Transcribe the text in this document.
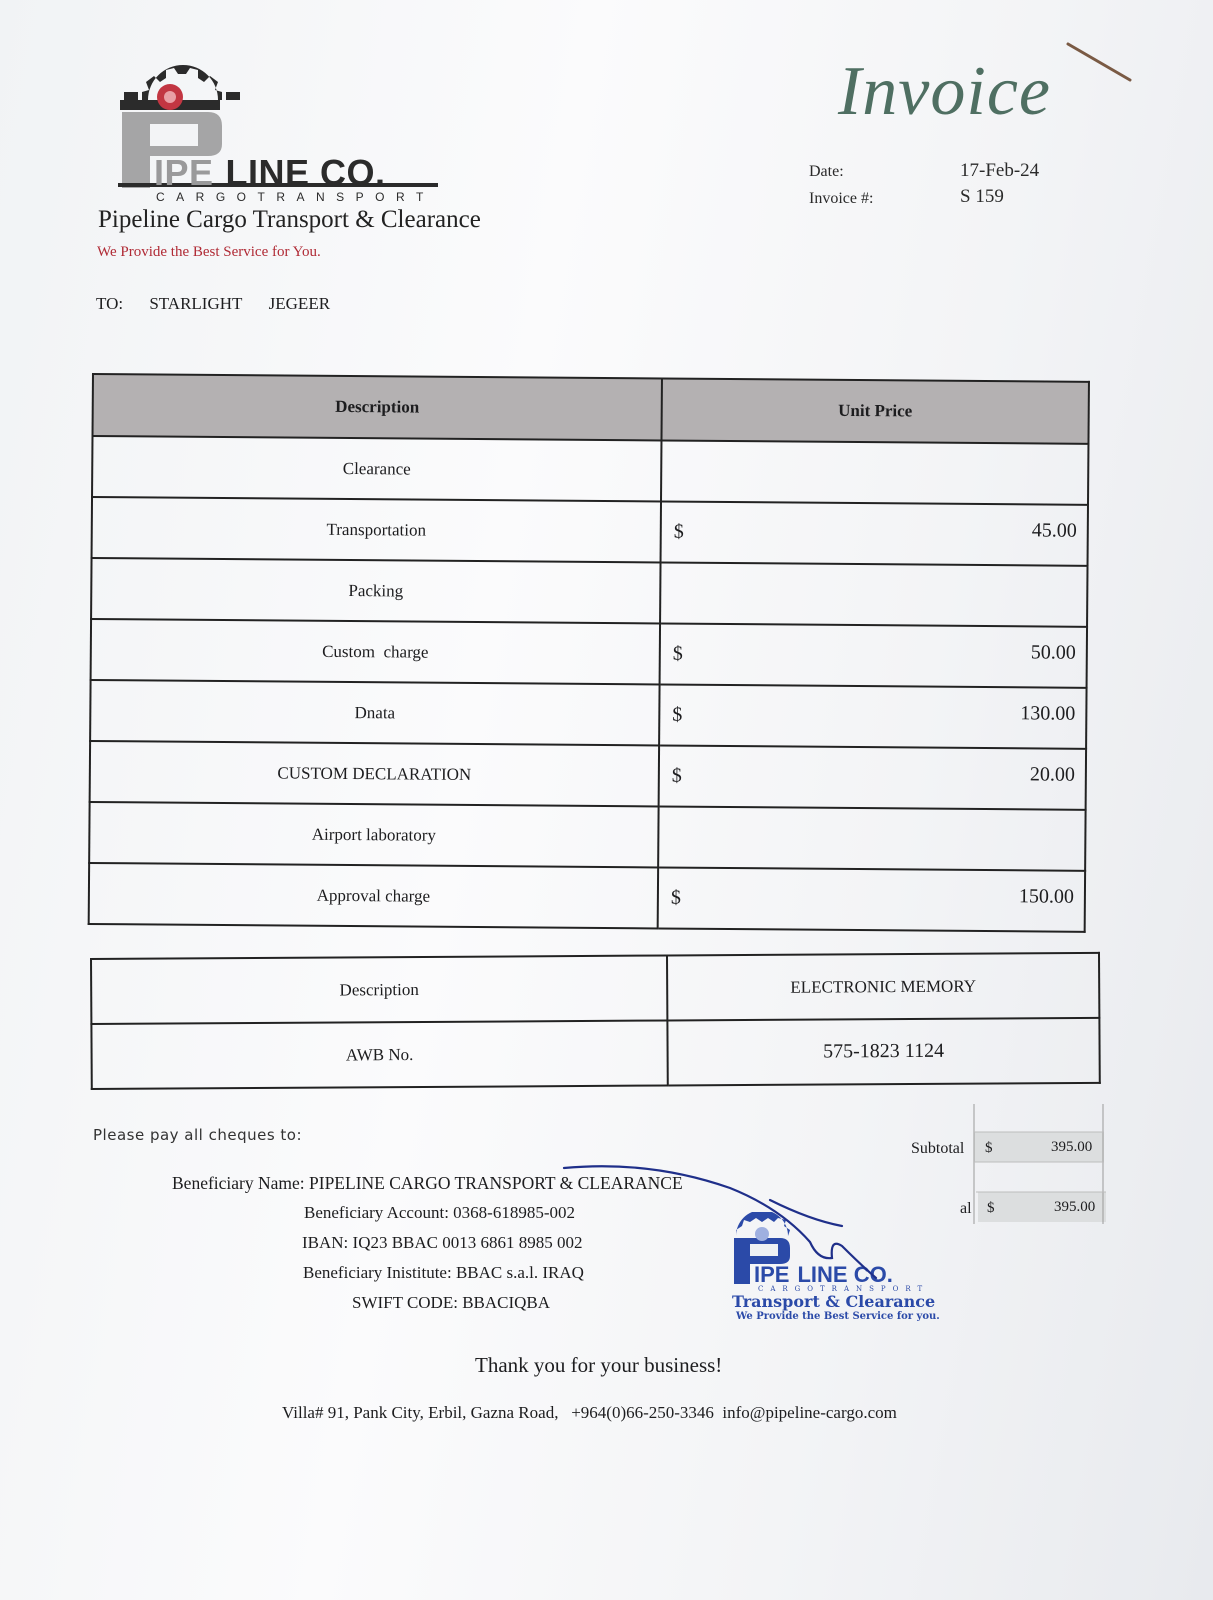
IPE LINE CO.
CARGOTRANSPORT
Pipeline Cargo Transport & Clearance
We Provide the Best Service for You.
Invoice
Date:	17-Feb-24
Invoice #:	S 159
TO: STARLIGHT JEGEER
Description	Unit Price
Clearance	

Transportation	$ 45.00

Packing	

Custom  charge	$ 50.00

Dnata	$ 130.00

CUSTOM DECLARATION	$ 20.00

Airport laboratory	

Approval charge	$ 150.00
Description	ELECTRONIC MEMORY
AWB No.	575-1823 1124
Please pay all cheques to:
Beneficiary Name: PIPELINE CARGO TRANSPORT & CLEARANCE
Beneficiary Account: 0368-618985-002
IBAN: IQ23 BBAC 0013 6861 8985 002
Beneficiary Inistitute: BBAC s.a.l. IRAQ
SWIFT CODE: BBACIQBA
Subtotal $	395.00
al $	395.00
IPE LINE CO.
CARGOTRANSPORT
Transport & Clearance
We Provide the Best Service for you.
Thank you for your business!
Villa# 91, Pank City, Erbil, Gazna Road,   +964(0)66-250-3346  info@pipeline-cargo.com
